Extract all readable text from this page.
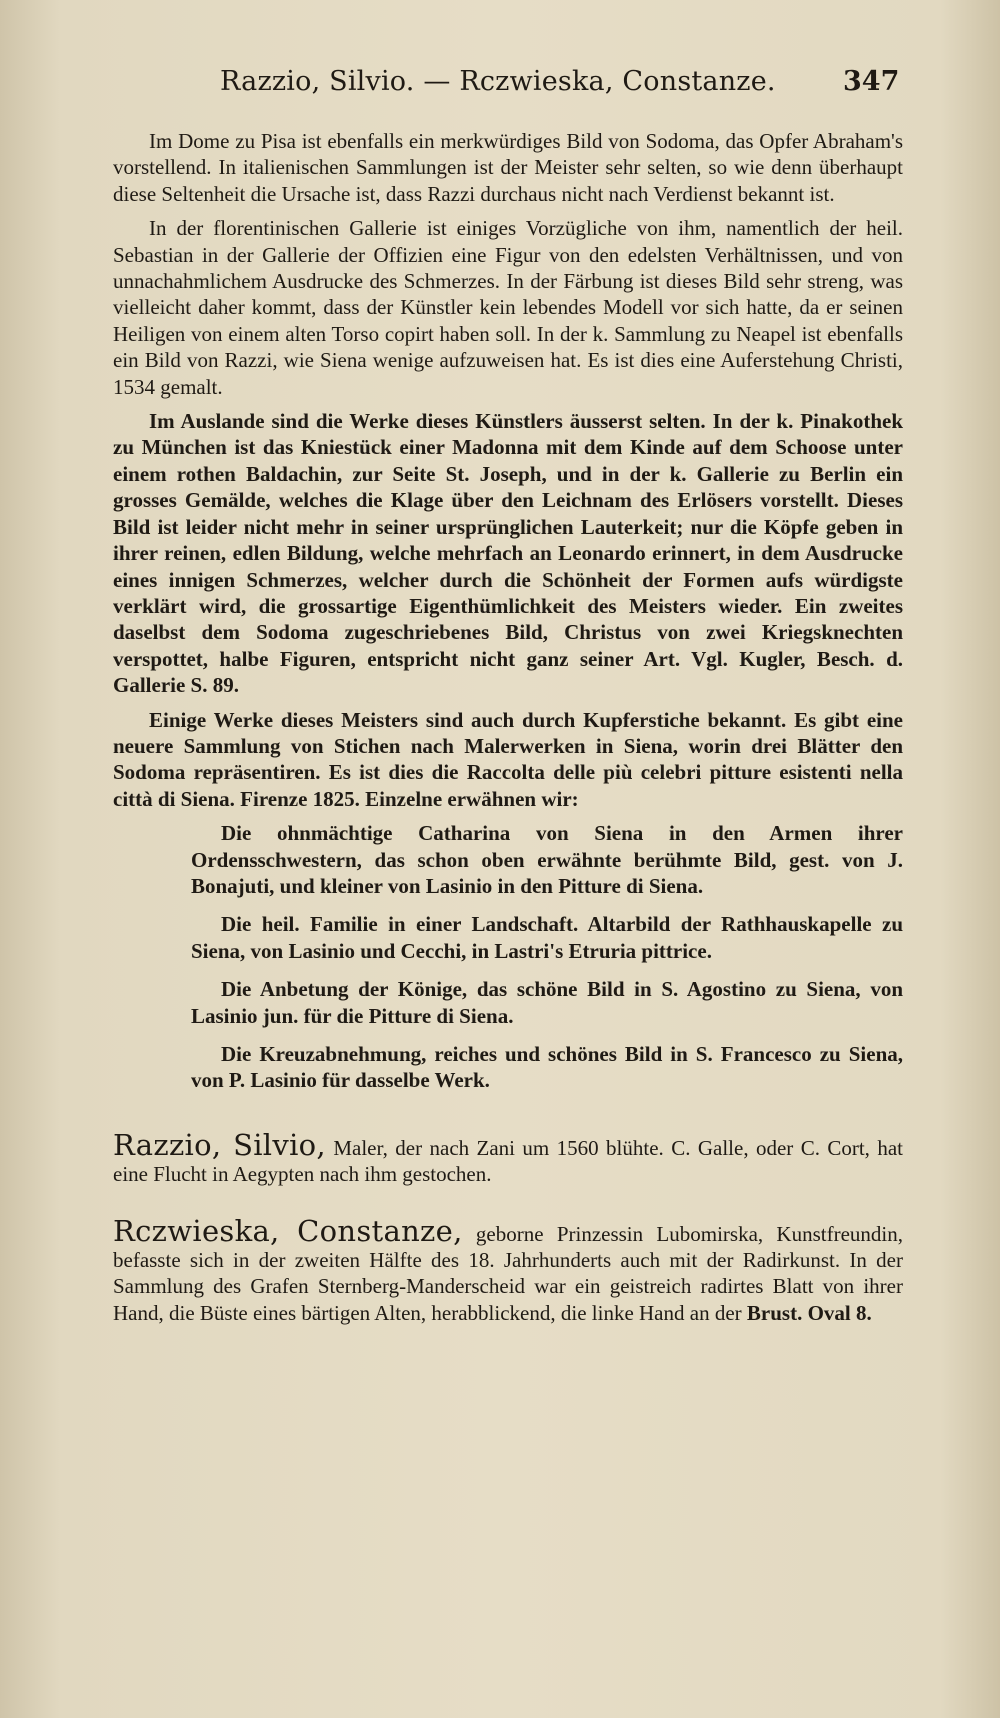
Razzio, Silvio. — Rczwieska, Constanze. 347

Im Dome zu Pisa ist ebenfalls ein merkwürdiges Bild von Sodoma, das Opfer Abraham's vorstellend. In italienischen Sammlungen ist der Meister sehr selten, so wie denn überhaupt diese Seltenheit die Ursache ist, dass Razzi durchaus nicht nach Verdienst bekannt ist.

In der florentinischen Gallerie ist einiges Vorzügliche von ihm, namentlich der heil. Sebastian in der Gallerie der Offizien eine Figur von den edelsten Verhältnissen, und von unnachahmlichem Ausdrucke des Schmerzes. In der Färbung ist dieses Bild sehr streng, was vielleicht daher kommt, dass der Künstler kein lebendes Modell vor sich hatte, da er seinen Heiligen von einem alten Torso copirt haben soll. In der k. Sammlung zu Neapel ist ebenfalls ein Bild von Razzi, wie Siena wenige aufzuweisen hat. Es ist dies eine Auferstehung Christi, 1534 gemalt.

Im Auslande sind die Werke dieses Künstlers äusserst selten. In der k. Pinakothek zu München ist das Kniestück einer Madonna mit dem Kinde auf dem Schoose unter einem rothen Baldachin, zur Seite St. Joseph, und in der k. Gallerie zu Berlin ein grosses Gemälde, welches die Klage über den Leichnam des Erlösers vorstellt. Dieses Bild ist leider nicht mehr in seiner ursprünglichen Lauterkeit; nur die Köpfe geben in ihrer reinen, edlen Bildung, welche mehrfach an Leonardo erinnert, in dem Ausdrucke eines innigen Schmerzes, welcher durch die Schönheit der Formen aufs würdigste verklärt wird, die grossartige Eigenthümlichkeit des Meisters wieder. Ein zweites daselbst dem Sodoma zugeschriebenes Bild, Christus von zwei Kriegsknechten verspottet, halbe Figuren, entspricht nicht ganz seiner Art. Vgl. Kugler, Besch. d. Gallerie S. 89.

Einige Werke dieses Meisters sind auch durch Kupferstiche bekannt. Es gibt eine neuere Sammlung von Stichen nach Malerwerken in Siena, worin drei Blätter den Sodoma repräsentiren. Es ist dies die Raccolta delle più celebri pitture esistenti nella città di Siena. Firenze 1825. Einzelne erwähnen wir:

Die ohnmächtige Catharina von Siena in den Armen ihrer Ordensschwestern, das schon oben erwähnte berühmte Bild, gest. von J. Bonajuti, und kleiner von Lasinio in den Pitture di Siena.

Die heil. Familie in einer Landschaft. Altarbild der Rathhauskapelle zu Siena, von Lasinio und Cecchi, in Lastri's Etruria pittrice.

Die Anbetung der Könige, das schöne Bild in S. Agostino zu Siena, von Lasinio jun. für die Pitture di Siena.

Die Kreuzabnehmung, reiches und schönes Bild in S. Francesco zu Siena, von P. Lasinio für dasselbe Werk.

Razzio, Silvio, Maler, der nach Zani um 1560 blühte. C. Galle, oder C. Cort, hat eine Flucht in Aegypten nach ihm gestochen.

Rczwieska, Constanze, geborne Prinzessin Lubomirska, Kunstfreundin, befasste sich in der zweiten Hälfte des 18. Jahrhunderts auch mit der Radirkunst. In der Sammlung des Grafen Sternberg-Manderscheid war ein geistreich radirtes Blatt von ihrer Hand, die Büste eines bärtigen Alten, herabblickend, die linke Hand an der Brust. Oval 8.
